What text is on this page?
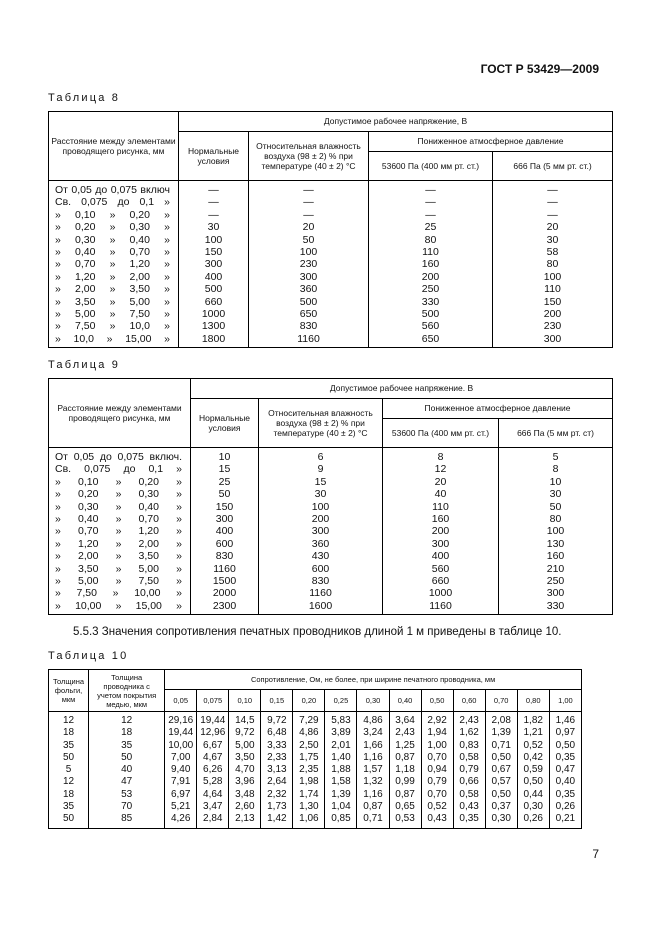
ГОСТ Р 53429—2009
Таблица 8
Расстояние между элементами проводящего рисунка, мм	Допустимое рабочее напряжение, В			
	Нормальные условия	Относительная влажность воздуха (98 ± 2) % при температуре (40 ± 2) °С	Пониженное атмосферное давление	
			53600 Па (400 мм рт. ст.)	666 Па (5 мм рт. ст.)

От 0,05 до 0,075 включ	—	—	—	—

Св. 0,075 до 0,1 »	—	—	—	—

» 0,10 » 0,20 »	—	—	—	—

» 0,20 » 0,30 »	30	20	25	20

» 0,30 » 0,40 »	100	50	80	30

» 0,40 » 0,70 »	150	100	110	58

» 0,70 » 1,20 »	300	230	160	80

» 1,20 » 2,00 »	400	300	200	100

» 2,00 » 3,50 »	500	360	250	110

» 3,50 » 5,00 »	660	500	330	150

» 5,00 » 7,50 »	1000	650	500	200

» 7,50 » 10,0 »	1300	830	560	230

» 10,0 » 15,00 »	1800	1160	650	300
Таблица 9
Расстояние между элементами проводящего рисунка, мм	Допустимое рабочее напряжение. В			
	Нормальные условия	Относительная влажность воздуха (98 ± 2) % при температуре (40 ± 2) °С	Пониженное атмосферное давление	
			53600 Па (400 мм рт. ст.)	666 Па (5 мм рт. ст)

От 0,05 до 0,075 включ.	10	6	8	5

Св. 0,075 до 0,1 »	15	9	12	8

» 0,10 » 0,20 »	25	15	20	10

» 0,20 » 0,30 »	50	30	40	30

» 0,30 » 0,40 »	150	100	110	50

» 0,40 » 0,70 »	300	200	160	80

» 0,70 » 1,20 »	400	300	200	100

» 1,20 » 2,00 »	600	360	300	130

» 2,00 » 3,50 »	830	430	400	160

» 3,50 » 5,00 »	1160	600	560	210

» 5,00 » 7,50 »	1500	830	660	250

» 7,50 » 10,00 »	2000	1160	1000	300

» 10,00 » 15,00 »	2300	1600	1160	330
5.5.3 Значения сопротивления печатных проводников длиной 1 м приведены в таблице 10.
Таблица 10
Толщина фольги, мкм	Толщина проводника с учетом покрытия медью, мкм	Сопротивление, Ом, не более, при ширине печатного проводника, мм												
		0,05	0,075	0,10	0,15	0,20	0,25	0,30	0,40	0,50	0,60	0,70	0,80	1,00
12	12	29,16	19,44	14,5	9,72	7,29	5,83	4,86	3,64	2,92	2,43	2,08	1,82	1,46
18	18	19,44	12,96	9,72	6,48	4,86	3,89	3,24	2,43	1,94	1,62	1,39	1,21	0,97
35	35	10,00	6,67	5,00	3,33	2,50	2,01	1,66	1,25	1,00	0,83	0,71	0,52	0,50
50	50	7,00	4,67	3,50	2,33	1,75	1,40	1,16	0,87	0,70	0,58	0,50	0,42	0,35
5	40	9,40	6,26	4,70	3,13	2,35	1,88	1,57	1,18	0,94	0,79	0,67	0,59	0,47
12	47	7,91	5,28	3,96	2,64	1,98	1,58	1,32	0,99	0,79	0,66	0,57	0,50	0,40
18	53	6,97	4,64	3,48	2,32	1,74	1,39	1,16	0,87	0,70	0,58	0,50	0,44	0,35
35	70	5,21	3,47	2,60	1,73	1,30	1,04	0,87	0,65	0,52	0,43	0,37	0,30	0,26
50	85	4,26	2,84	2,13	1,42	1,06	0,85	0,71	0,53	0,43	0,35	0,30	0,26	0,21
7
